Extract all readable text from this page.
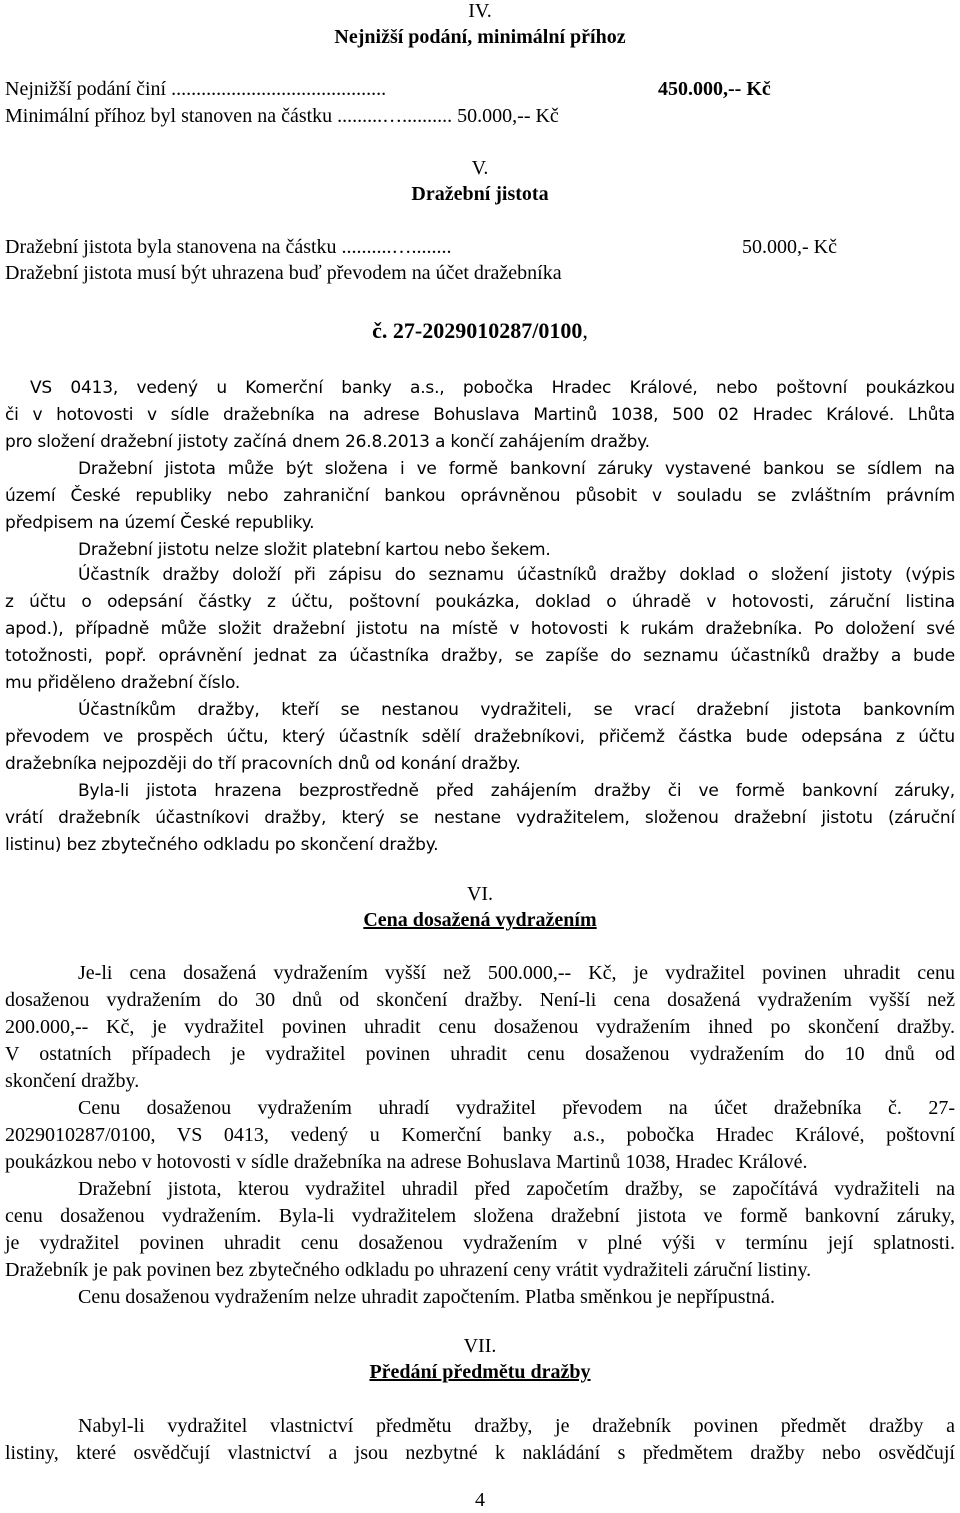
IV.
Nejnižší podání, minimální příhoz
Nejnižší podání činí ...........................................	450.000,-- Kč
Minimální příhoz byl stanoven na částku .........….......... 50.000,-- Kč
V.
Dražební jistota
Dražební jistota byla stanovena na částku ..........…........	50.000,- Kč
Dražební jistota musí být uhrazena buď převodem na účet dražebníka
č. 27-2029010287/0100,
VS 0413, vedený u Komerční banky a.s., pobočka Hradec Králové, nebo poštovní poukázkou
či v hotovosti v sídle dražebníka na adrese Bohuslava Martinů 1038, 500 02 Hradec Králové. Lhůta
pro složení dražební jistoty začíná dnem 26.8.2013 a končí zahájením dražby.
Dražební jistota může být složena i ve formě bankovní záruky vystavené bankou se sídlem na
území České republiky nebo zahraniční bankou oprávněnou působit v souladu se zvláštním právním
předpisem na území České republiky.
Dražební jistotu nelze složit platební kartou nebo šekem.
Účastník dražby doloží při zápisu do seznamu účastníků dražby doklad o složení jistoty (výpis
z účtu o odepsání částky z účtu, poštovní poukázka, doklad o úhradě v hotovosti, záruční listina
apod.), případně může složit dražební jistotu na místě v hotovosti k rukám dražebníka. Po doložení své
totožnosti, popř. oprávnění jednat za účastníka dražby, se zapíše do seznamu účastníků dražby a bude
mu přiděleno dražební číslo.
Účastníkům dražby, kteří se nestanou vydražiteli, se vrací dražební jistota bankovním
převodem ve prospěch účtu, který účastník sdělí dražebníkovi, přičemž částka bude odepsána z účtu
dražebníka nejpozději do tří pracovních dnů od konání dražby.
Byla-li jistota hrazena bezprostředně před zahájením dražby či ve formě bankovní záruky,
vrátí dražebník účastníkovi dražby, který se nestane vydražitelem, složenou dražební jistotu (záruční
listinu) bez zbytečného odkladu po skončení dražby.
VI.
Cena dosažená vydražením
Je-li cena dosažená vydražením vyšší než 500.000,-- Kč, je vydražitel povinen uhradit cenu
dosaženou vydražením do 30 dnů od skončení dražby. Není-li cena dosažená vydražením vyšší než
200.000,-- Kč, je vydražitel povinen uhradit cenu dosaženou vydražením ihned po skončení dražby.
V ostatních případech je vydražitel povinen uhradit cenu dosaženou vydražením do 10 dnů od
skončení dražby.
Cenu dosaženou vydražením uhradí vydražitel převodem na účet dražebníka č. 27-
2029010287/0100, VS 0413, vedený u Komerční banky a.s., pobočka Hradec Králové, poštovní
poukázkou nebo v hotovosti v sídle dražebníka na adrese Bohuslava Martinů 1038, Hradec Králové.
Dražební jistota, kterou vydražitel uhradil před započetím dražby, se započítává vydražiteli na
cenu dosaženou vydražením. Byla-li vydražitelem složena dražební jistota ve formě bankovní záruky,
je vydražitel povinen uhradit cenu dosaženou vydražením v plné výši v termínu její splatnosti.
Dražebník je pak povinen bez zbytečného odkladu po uhrazení ceny vrátit vydražiteli záruční listiny.
Cenu dosaženou vydražením nelze uhradit započtením. Platba směnkou je nepřípustná.
VII.
Předání předmětu dražby
Nabyl-li vydražitel vlastnictví předmětu dražby, je dražebník povinen předmět dražby a
listiny, které osvědčují vlastnictví a jsou nezbytné k nakládání s předmětem dražby nebo osvědčují
4
